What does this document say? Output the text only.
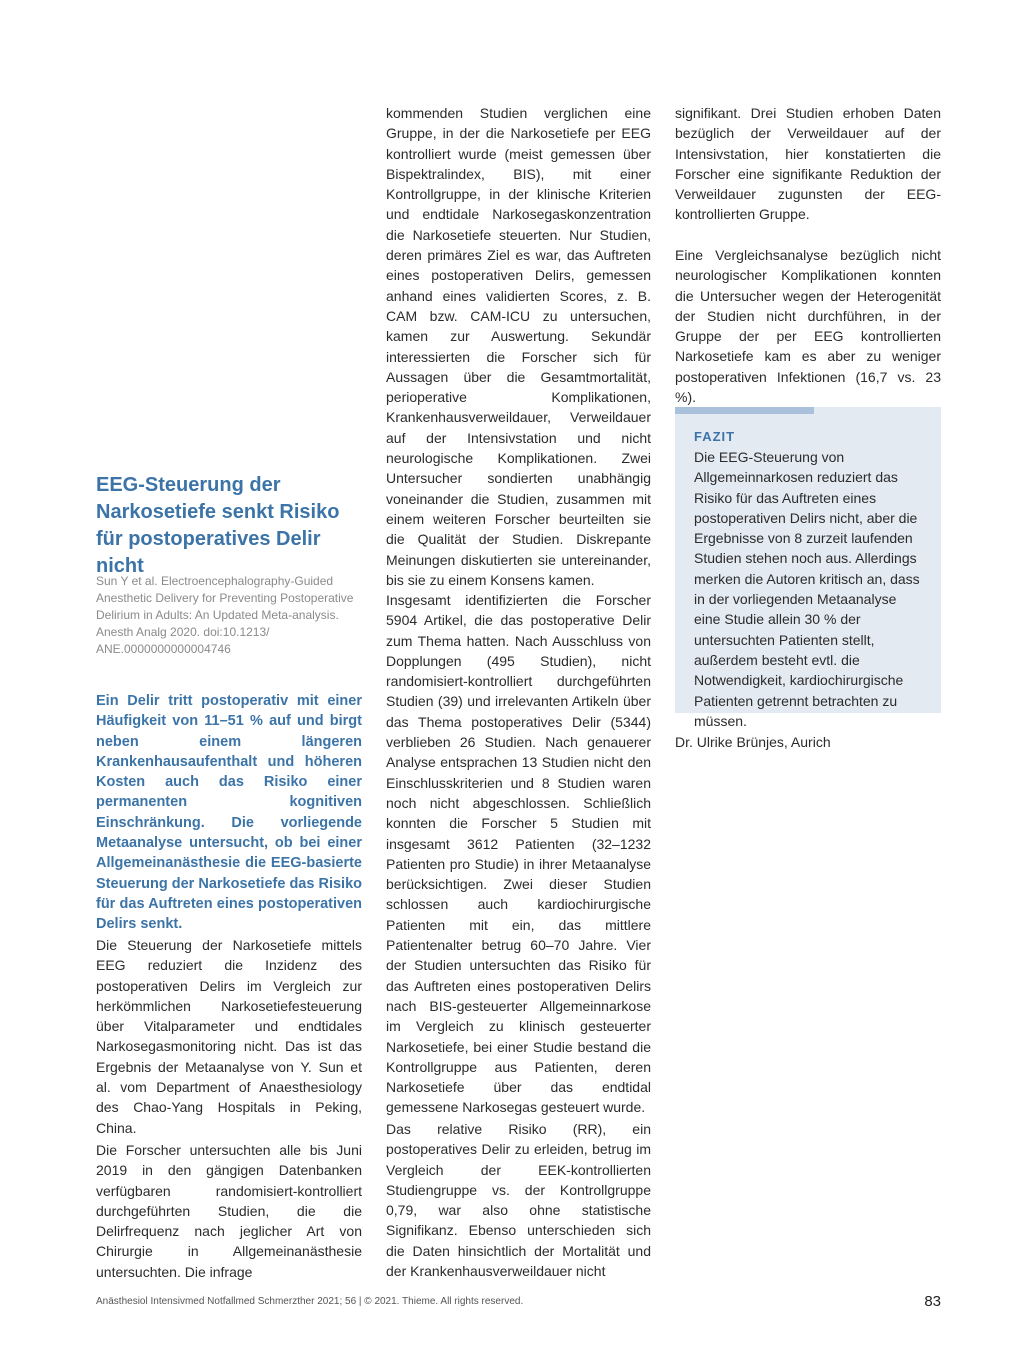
EEG-Steuerung der Narkosetiefe senkt Risiko für postoperatives Delir nicht

Sun Y et al. Electroencephalography-Guided Anesthetic Delivery for Preventing Postoperative Delirium in Adults: An Updated Meta-analysis. Anesth Analg 2020. doi:10.1213/ ANE.0000000000004746

Ein Delir tritt postoperativ mit einer Häufigkeit von 11–51 % auf und birgt neben einem längeren Krankenhausaufenthalt und höheren Kosten auch das Risiko einer permanenten kognitiven Einschränkung. Die vorliegende Metaanalyse untersucht, ob bei einer Allgemeinanästhesie die EEG-basierte Steuerung der Narkosetiefe das Risiko für das Auftreten eines postoperativen Delirs senkt.

Die Steuerung der Narkosetiefe mittels EEG reduziert die Inzidenz des postoperativen Delirs im Vergleich zur herkömmlichen Narkosetiefesteuerung über Vitalparameter und endtidales Narkosegasmonitoring nicht. Das ist das Ergebnis der Metaanalyse von Y. Sun et al. vom Department of Anaesthesiology des Chao-Yang Hospitals in Peking, China.

Die Forscher untersuchten alle bis Juni 2019 in den gängigen Datenbanken verfügbaren randomisiert-kontrolliert durchgeführten Studien, die die Delirfrequenz nach jeglicher Art von Chirurgie in Allgemeinanästhesie untersuchten. Die infrage

kommenden Studien verglichen eine Gruppe, in der die Narkosetiefe per EEG kontrolliert wurde (meist gemessen über Bispektralindex, BIS), mit einer Kontrollgruppe, in der klinische Kriterien und endtidale Narkosegaskonzentration die Narkosetiefe steuerten. Nur Studien, deren primäres Ziel es war, das Auftreten eines postoperativen Delirs, gemessen anhand eines validierten Scores, z. B. CAM bzw. CAM-ICU zu untersuchen, kamen zur Auswertung. Sekundär interessierten die Forscher sich für Aussagen über die Gesamtmortalität, perioperative Komplikationen, Krankenhausverweildauer, Verweildauer auf der Intensivstation und nicht neurologische Komplikationen. Zwei Untersucher sondierten unabhängig voneinander die Studien, zusammen mit einem weiteren Forscher beurteilten sie die Qualität der Studien. Diskrepante Meinungen diskutierten sie untereinander, bis sie zu einem Konsens kamen.

Insgesamt identifizierten die Forscher 5904 Artikel, die das postoperative Delir zum Thema hatten. Nach Ausschluss von Dopplungen (495 Studien), nicht randomisiert-kontrolliert durchgeführten Studien (39) und irrelevanten Artikeln über das Thema postoperatives Delir (5344) verblieben 26 Studien. Nach genauerer Analyse entsprachen 13 Studien nicht den Einschlusskriterien und 8 Studien waren noch nicht abgeschlossen. Schließlich konnten die Forscher 5 Studien mit insgesamt 3612 Patienten (32–1232 Patienten pro Studie) in ihrer Metaanalyse berücksichtigen. Zwei dieser Studien schlossen auch kardiochirurgische Patienten mit ein, das mittlere Patientenalter betrug 60–70 Jahre. Vier der Studien untersuchten das Risiko für das Auftreten eines postoperativen Delirs nach BIS-gesteuerter Allgemeinnarkose im Vergleich zu klinisch gesteuerter Narkosetiefe, bei einer Studie bestand die Kontrollgruppe aus Patienten, deren Narkosetiefe über das endtidal gemessene Narkosegas gesteuert wurde.

Das relative Risiko (RR), ein postoperatives Delir zu erleiden, betrug im Vergleich der EEK-kontrollierten Studiengruppe vs. der Kontrollgruppe 0,79, war also ohne statistische Signifikanz. Ebenso unterschieden sich die Daten hinsichtlich der Mortalität und der Krankenhausverweildauer nicht

signifikant. Drei Studien erhoben Daten bezüglich der Verweildauer auf der Intensivstation, hier konstatierten die Forscher eine signifikante Reduktion der Verweildauer zugunsten der EEG-kontrollierten Gruppe.

Eine Vergleichsanalyse bezüglich nicht neurologischer Komplikationen konnten die Untersucher wegen der Heterogenität der Studien nicht durchführen, in der Gruppe der per EEG kontrollierten Narkosetiefe kam es aber zu weniger postoperativen Infektionen (16,7 vs. 23 %).

FAZIT

Die EEG-Steuerung von Allgemeinnarkosen reduziert das Risiko für das Auftreten eines postoperativen Delirs nicht, aber die Ergebnisse von 8 zurzeit laufenden Studien stehen noch aus. Allerdings merken die Autoren kritisch an, dass in der vorliegenden Metaanalyse eine Studie allein 30 % der untersuchten Patienten stellt, außerdem besteht evtl. die Notwendigkeit, kardiochirurgische Patienten getrennt betrachten zu müssen.

Dr. Ulrike Brünjes, Aurich

Anästhesiol Intensivmed Notfallmed Schmerzther 2021; 56 | © 2021. Thieme. All rights reserved.	83
